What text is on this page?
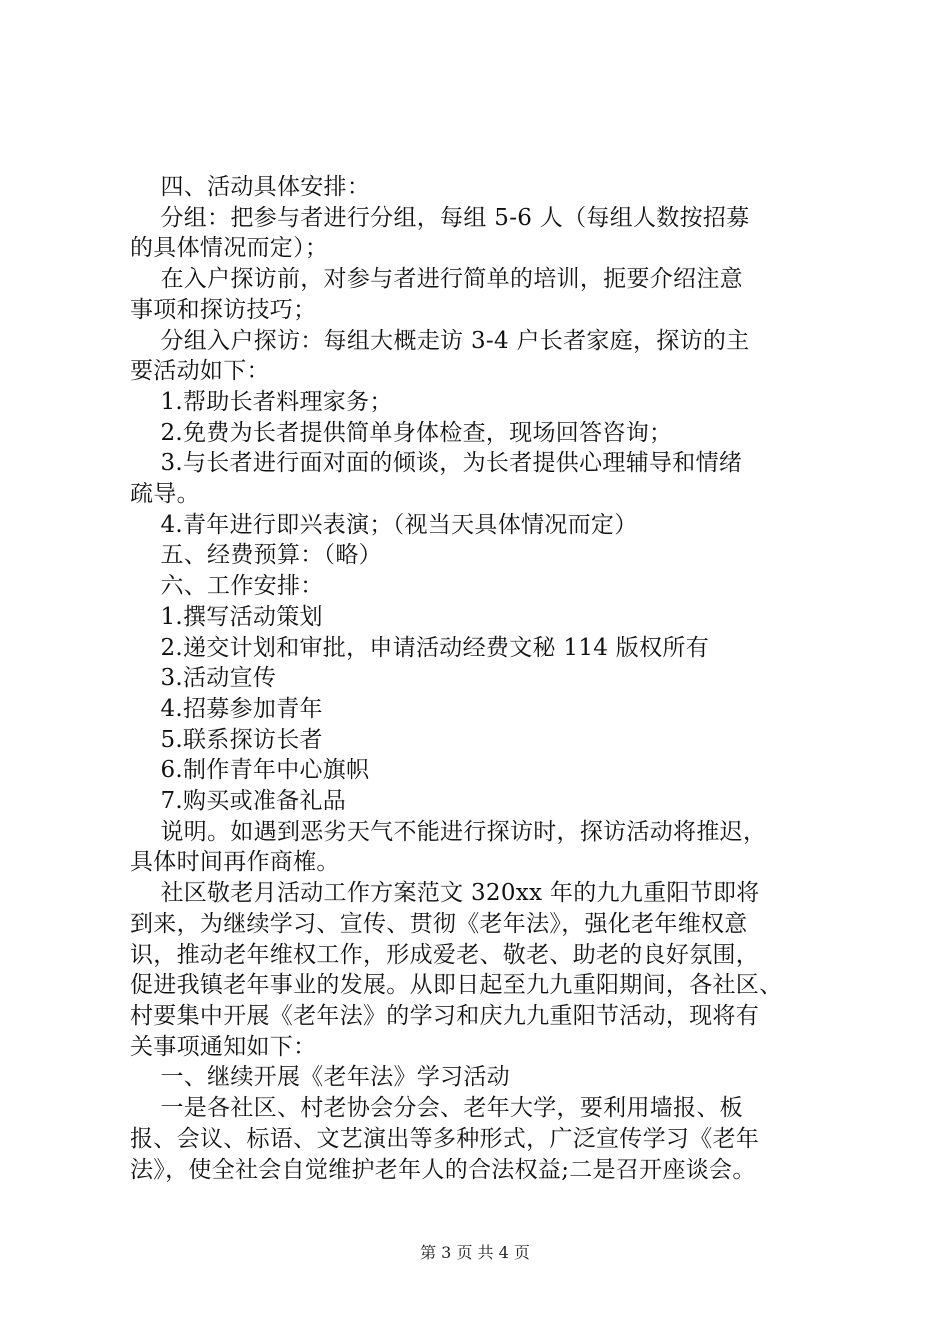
四、活动具体安排：
分组：把参与者进行分组，每组 5-6 人（每组人数按招募
的具体情况而定）；
在入户探访前，对参与者进行简单的培训，扼要介绍注意
事项和探访技巧；
分组入户探访：每组大概走访 3-4 户长者家庭，探访的主
要活动如下：
1.帮助长者料理家务；
2.免费为长者提供简单身体检查，现场回答咨询；
3.与长者进行面对面的倾谈，为长者提供心理辅导和情绪
疏导。
4.青年进行即兴表演；（视当天具体情况而定）
五、经费预算：（略）
六、工作安排：
1.撰写活动策划
2.递交计划和审批，申请活动经费文秘 114 版权所有
3.活动宣传
4.招募参加青年
5.联系探访长者
6.制作青年中心旗帜
7.购买或准备礼品
说明。如遇到恶劣天气不能进行探访时，探访活动将推迟，
具体时间再作商榷。
社区敬老月活动工作方案范文 320xx 年的九九重阳节即将
到来，为继续学习、宣传、贯彻《老年法》，强化老年维权意
识，推动老年维权工作，形成爱老、敬老、助老的良好氛围，
促进我镇老年事业的发展。从即日起至九九重阳期间，各社区、
村要集中开展《老年法》的学习和庆九九重阳节活动，现将有
关事项通知如下：
一、继续开展《老年法》学习活动
一是各社区、村老协会分会、老年大学，要利用墙报、板
报、会议、标语、文艺演出等多种形式，广泛宣传学习《老年
法》，使全社会自觉维护老年人的合法权益;二是召开座谈会。
第 3 页 共 4 页
